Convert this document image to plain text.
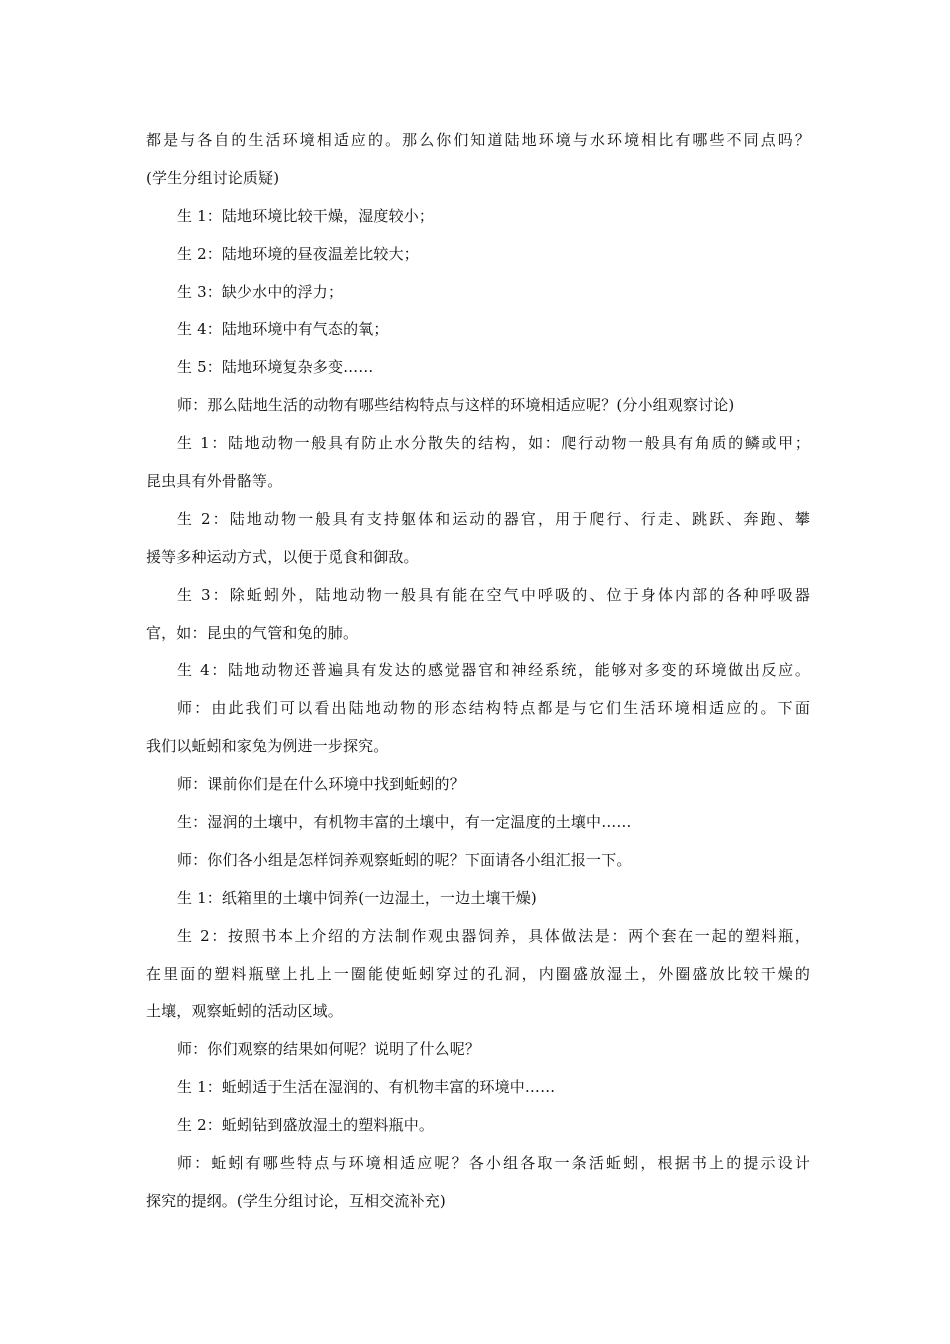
都是与各自的生活环境相适应的。那么你们知道陆地环境与水环境相比有哪些不同点吗？
(学生分组讨论质疑)
生 1：陆地环境比较干燥，湿度较小；
生 2：陆地环境的昼夜温差比较大；
生 3：缺少水中的浮力；
生 4：陆地环境中有气态的氧；
生 5：陆地环境复杂多变……
师：那么陆地生活的动物有哪些结构特点与这样的环境相适应呢？(分小组观察讨论)
生 1：陆地动物一般具有防止水分散失的结构，如：爬行动物一般具有角质的鳞或甲；
昆虫具有外骨骼等。
生 2：陆地动物一般具有支持躯体和运动的器官，用于爬行、行走、跳跃、奔跑、攀
援等多种运动方式，以便于觅食和御敌。
生 3：除蚯蚓外，陆地动物一般具有能在空气中呼吸的、位于身体内部的各种呼吸器
官，如：昆虫的气管和兔的肺。
生 4：陆地动物还普遍具有发达的感觉器官和神经系统，能够对多变的环境做出反应。
师：由此我们可以看出陆地动物的形态结构特点都是与它们生活环境相适应的。下面
我们以蚯蚓和家兔为例进一步探究。
师：课前你们是在什么环境中找到蚯蚓的？
生：湿润的土壤中，有机物丰富的土壤中，有一定温度的土壤中……
师：你们各小组是怎样饲养观察蚯蚓的呢？下面请各小组汇报一下。
生 1：纸箱里的土壤中饲养(一边湿土，一边土壤干燥)
生 2：按照书本上介绍的方法制作观虫器饲养，具体做法是：两个套在一起的塑料瓶，
在里面的塑料瓶壁上扎上一圈能使蚯蚓穿过的孔洞，内圈盛放湿土，外圈盛放比较干燥的
土壤，观察蚯蚓的活动区域。
师：你们观察的结果如何呢？说明了什么呢？
生 1：蚯蚓适于生活在湿润的、有机物丰富的环境中……
生 2：蚯蚓钻到盛放湿土的塑料瓶中。
师：蚯蚓有哪些特点与环境相适应呢？各小组各取一条活蚯蚓，根据书上的提示设计
探究的提纲。(学生分组讨论，互相交流补充)
